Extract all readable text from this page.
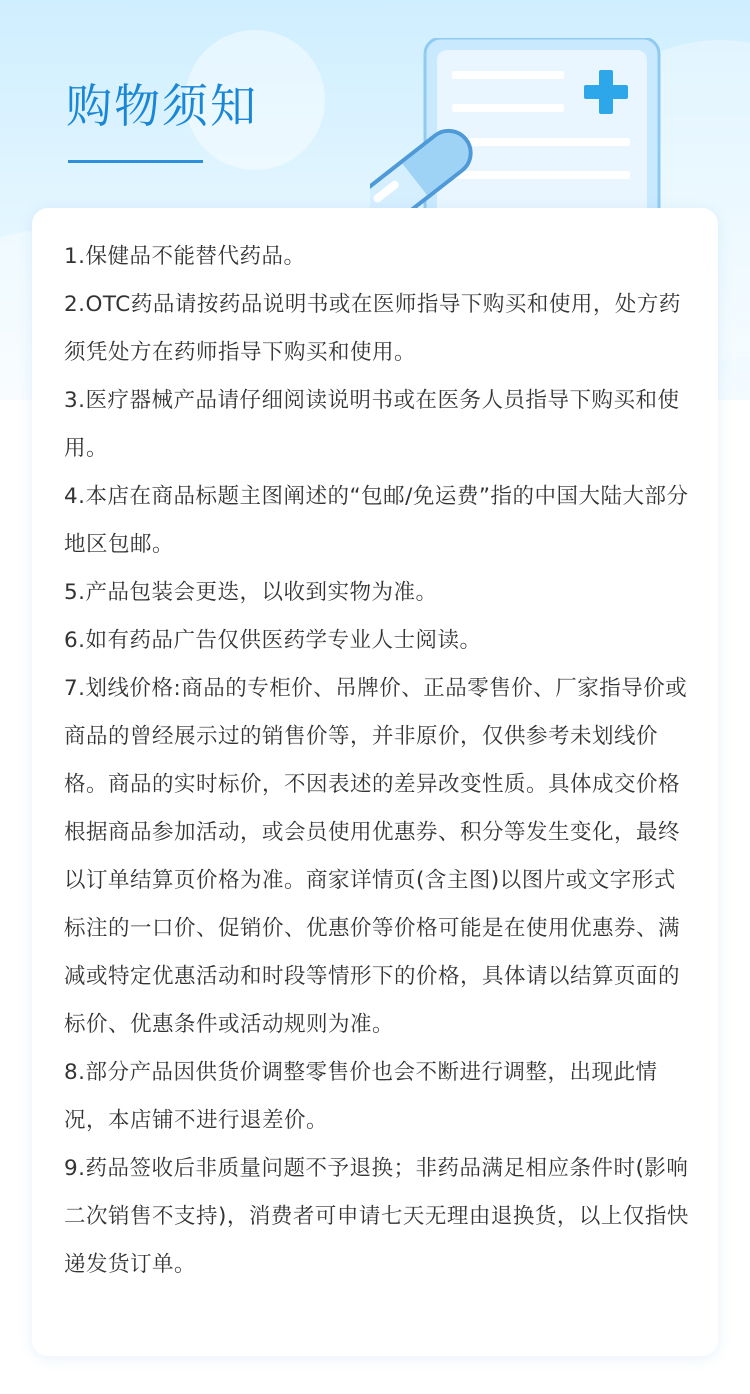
购物须知
1.保健品不能替代药品。
2.OTC药品请按药品说明书或在医师指导下购买和使用，处方药须凭处方在药师指导下购买和使用。
3.医疗器械产品请仔细阅读说明书或在医务人员指导下购买和使用。
4.本店在商品标题主图阐述的“包邮/免运费”指的中国大陆大部分地区包邮。
5.产品包装会更迭，以收到实物为准。
6.如有药品广告仅供医药学专业人士阅读。
7.划线价格:商品的专柜价、吊牌价、正品零售价、厂家指导价或商品的曾经展示过的销售价等，并非原价，仅供参考未划线价格。商品的实时标价，不因表述的差异改变性质。具体成交价格根据商品参加活动，或会员使用优惠券、积分等发生变化，最终以订单结算页价格为准。商家详情页(含主图)以图片或文字形式标注的一口价、促销价、优惠价等价格可能是在使用优惠券、满减或特定优惠活动和时段等情形下的价格，具体请以结算页面的标价、优惠条件或活动规则为准。
8.部分产品因供货价调整零售价也会不断进行调整，出现此情况，本店铺不进行退差价。
9.药品签收后非质量问题不予退换；非药品满足相应条件时(影响二次销售不支持)，消费者可申请七天无理由退换货，以上仅指快递发货订单。
